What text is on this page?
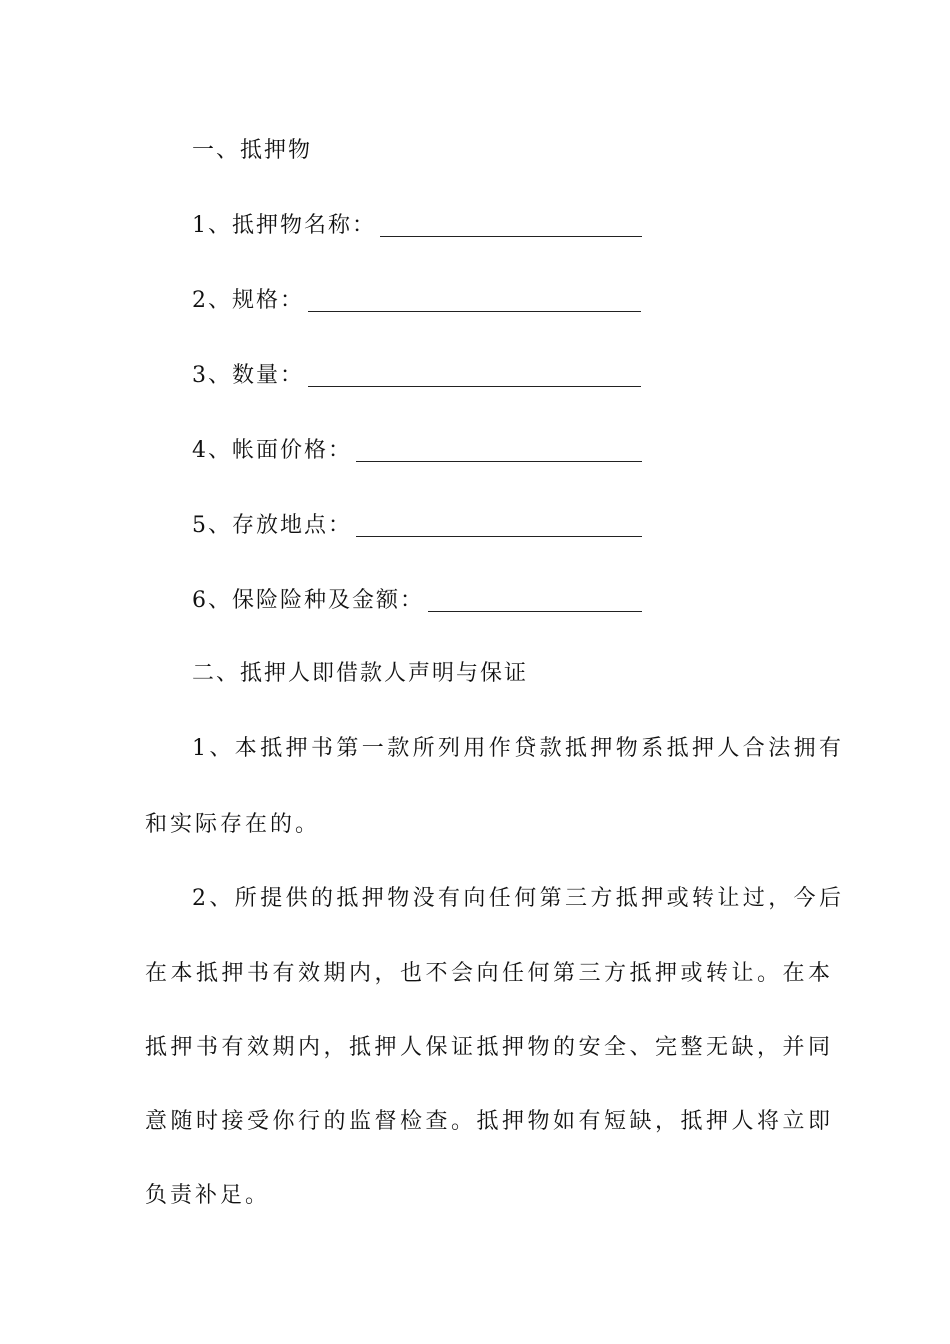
一、抵押物
1、抵押物名称：
2、规格：
3、数量：
4、帐面价格：
5、存放地点：
6、保险险种及金额：
二、抵押人即借款人声明与保证
1、本抵押书第一款所列用作贷款抵押物系抵押人合法拥有
和实际存在的。
2、所提供的抵押物没有向任何第三方抵押或转让过，今后
在本抵押书有效期内，也不会向任何第三方抵押或转让。在本
抵押书有效期内，抵押人保证抵押物的安全、完整无缺，并同
意随时接受你行的监督检查。抵押物如有短缺，抵押人将立即
负责补足。
